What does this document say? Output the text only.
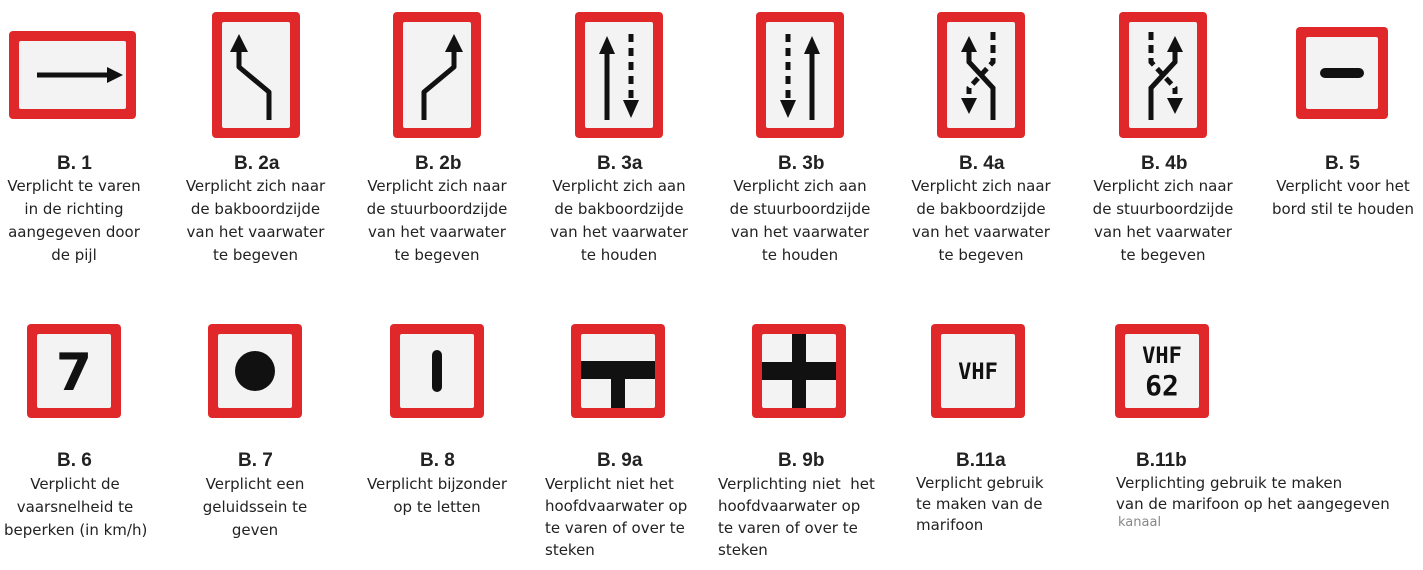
B. 1
Verplicht te varen
in de richting
aangegeven door
de pijl
B. 2a
Verplicht zich naar
de bakboordzijde
van het vaarwater
te begeven
B. 2b
Verplicht zich naar
de stuurboordzijde
van het vaarwater
te begeven
B. 3a
Verplicht zich aan
de bakboordzijde
van het vaarwater
te houden
B. 3b
Verplicht zich aan
de stuurboordzijde
van het vaarwater
te houden
B. 4a
Verplicht zich naar
de bakboordzijde
van het vaarwater
te begeven
B. 4b
Verplicht zich naar
de stuurboordzijde
van het vaarwater
te begeven
B. 5
Verplicht voor het
bord stil te houden
7
B. 6
Verplicht de
vaarsnelheid te
beperken (in km/h)
B. 7
Verplicht een
geluidssein te
geven
B. 8
Verplicht bijzonder
op te letten
B. 9a
Verplicht niet het
hoofdvaarwater op
te varen of over te
steken
B. 9b
Verplichting niet  het
hoofdvaarwater op
te varen of over te
steken
VHF
B.11a
Verplicht gebruik
te maken van de
marifoon
VHF
62
B.11b
Verplichting gebruik te maken
van de marifoon op het aangegeven
kanaal
